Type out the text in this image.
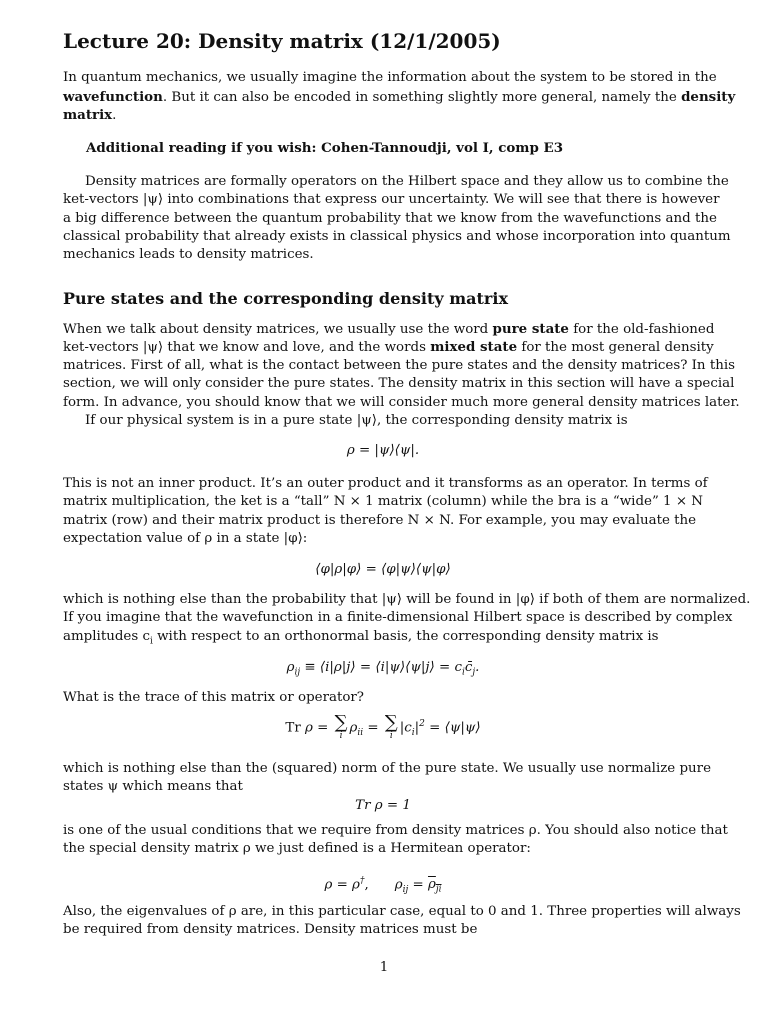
Lecture 20: Density matrix (12/1/2005)
In quantum mechanics, we usually imagine the information about the system to be stored in the
wavefunction. But it can also be encoded in something slightly more general, namely the density
matrix.
Additional reading if you wish: Cohen-Tannoudji, vol I, comp E3
Density matrices are formally operators on the Hilbert space and they allow us to combine the
ket-vectors |ψ⟩ into combinations that express our uncertainty. We will see that there is however
a big difference between the quantum probability that we know from the wavefunctions and the
classical probability that already exists in classical physics and whose incorporation into quantum
mechanics leads to density matrices.
Pure states and the corresponding density matrix
When we talk about density matrices, we usually use the word pure state for the old-fashioned
ket-vectors |ψ⟩ that we know and love, and the words mixed state for the most general density
matrices. First of all, what is the contact between the pure states and the density matrices? In this
section, we will only consider the pure states. The density matrix in this section will have a special
form. In advance, you should know that we will consider much more general density matrices later.
If our physical system is in a pure state |ψ⟩, the corresponding density matrix is
ρ = |ψ⟩⟨ψ|.
This is not an inner product. It’s an outer product and it transforms as an operator. In terms of
matrix multiplication, the ket is a “tall” N × 1 matrix (column) while the bra is a “wide” 1 × N
matrix (row) and their matrix product is therefore N × N. For example, you may evaluate the
expectation value of ρ in a state |φ⟩:
⟨φ|ρ|φ⟩ = ⟨φ|ψ⟩⟨ψ|φ⟩
which is nothing else than the probability that |ψ⟩ will be found in |φ⟩ if both of them are normalized.
If you imagine that the wavefunction in a finite-dimensional Hilbert space is described by complex
amplitudes $c_i$ with respect to an orthonormal basis, the corresponding density matrix is
$\rho_{ij}$ ≡ ⟨i|ρ|j⟩ = ⟨i|ψ⟩⟨ψ|j⟩ = $c_ic̄_j$.
What is the trace of this matrix or operator?
Tr ρ = ∑
i
$\rho_{ii}$ = ∑
i
$|c_i|^2$ = ⟨ψ|ψ⟩
which is nothing else than the (squared) norm of the pure state. We usually use normalize pure
states ψ which means that
Tr ρ = 1
is one of the usual conditions that we require from density matrices ρ. You should also notice that
the special density matrix ρ we just defined is a Hermitean operator:
ρ = ρ†, $\rho_{ij} = \rho_{ji}$
Also, the eigenvalues of ρ are, in this particular case, equal to 0 and 1. Three properties will always
be required from density matrices. Density matrices must be
1
